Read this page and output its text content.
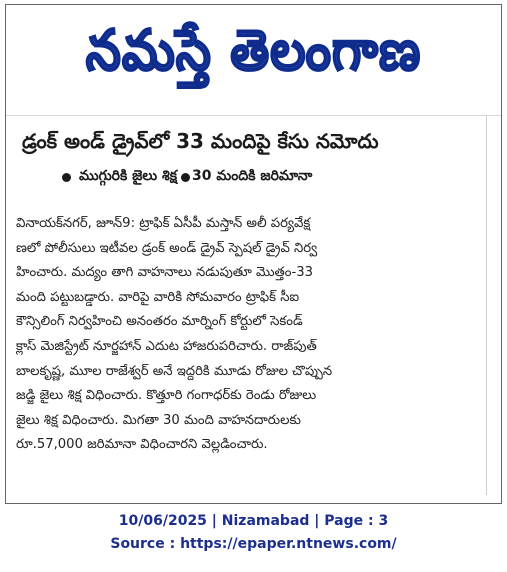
నమస్తే తెలంగాణ
డ్రంక్ అండ్ డ్రైవ్‌లో 33 మందిపై కేసు నమోదు
ముగ్గురికి జైలు శిక్ష 30 మందికి జరిమానా
వినాయక్‌నగర్, జూన్9: ట్రాఫిక్ ఏసీపీ మస్తాన్ అలీ పర్యవేక్ష
ణలో పోలీసులు ఇటీవల డ్రంక్ అండ్ డ్రైవ్ స్పెషల్ డ్రైవ్ నిర్వ
హించారు. మద్యం తాగి వాహనాలు నడుపుతూ మొత్తం-33
మంది పట్టుబడ్డారు. వారిపై వారికి సోమవారం ట్రాఫిక్ సీఐ
కౌన్సిలింగ్ నిర్వహించి అనంతరం మార్నింగ్ కోర్టులో సెకండ్
క్లాస్ మెజిస్ట్రేట్ నూర్జహాన్ ఎదుట హాజరుపరిచారు. రాజ్‌పుత్
బాలకృష్ణ, మూల రాజేశ్వర్ అనే ఇద్దరికి మూడు రోజుల చొప్పున
జడ్జి జైలు శిక్ష విధించారు. కొత్తూరి గంగాధర్‌కు రెండు రోజులు
జైలు శిక్ష విధించారు. మిగతా 30 మంది వాహనదారులకు
రూ.57,000 జరిమానా విధించారని వెల్లడించారు.
10/06/2025 | Nizamabad | Page : 3
Source : https://epaper.ntnews.com/
